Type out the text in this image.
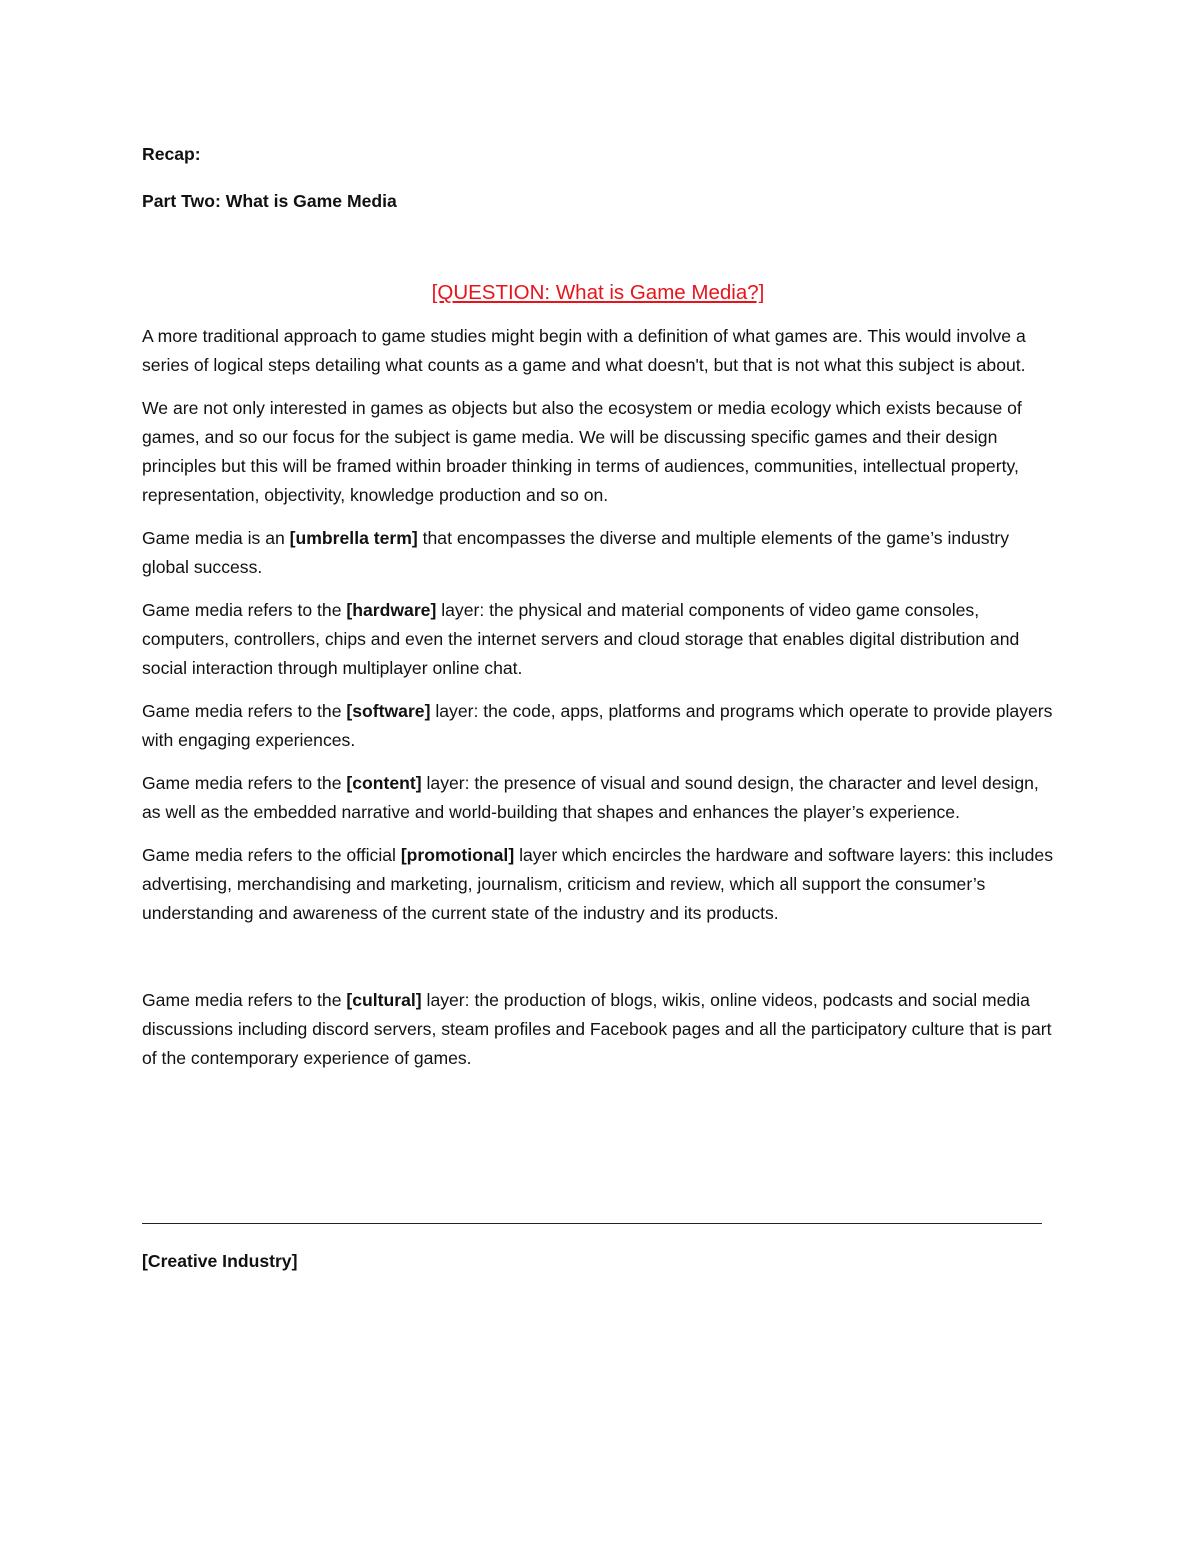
Recap:

Part Two: What is Game Media

[QUESTION: What is Game Media?]

A more traditional approach to game studies might begin with a definition of what games are. This would involve a series of logical steps detailing what counts as a game and what doesn't, but that is not what this subject is about.

We are not only interested in games as objects but also the ecosystem or media ecology which exists because of games, and so our focus for the subject is game media. We will be discussing specific games and their design principles but this will be framed within broader thinking in terms of audiences, communities, intellectual property, representation, objectivity, knowledge production and so on.

Game media is an [umbrella term] that encompasses the diverse and multiple elements of the game’s industry global success.

Game media refers to the [hardware] layer: the physical and material components of video game consoles, computers, controllers, chips and even the internet servers and cloud storage that enables digital distribution and social interaction through multiplayer online chat.

Game media refers to the [software] layer: the code, apps, platforms and programs which operate to provide players with engaging experiences.

Game media refers to the [content] layer: the presence of visual and sound design, the character and level design, as well as the embedded narrative and world-building that shapes and enhances the player’s experience.

Game media refers to the official [promotional] layer which encircles the hardware and software layers: this includes advertising, merchandising and marketing, journalism, criticism and review, which all support the consumer’s understanding and awareness of the current state of the industry and its products.

Game media refers to the [cultural] layer: the production of blogs, wikis, online videos, podcasts and social media discussions including discord servers, steam profiles and Facebook pages and all the participatory culture that is part of the contemporary experience of games.

[Creative Industry]
